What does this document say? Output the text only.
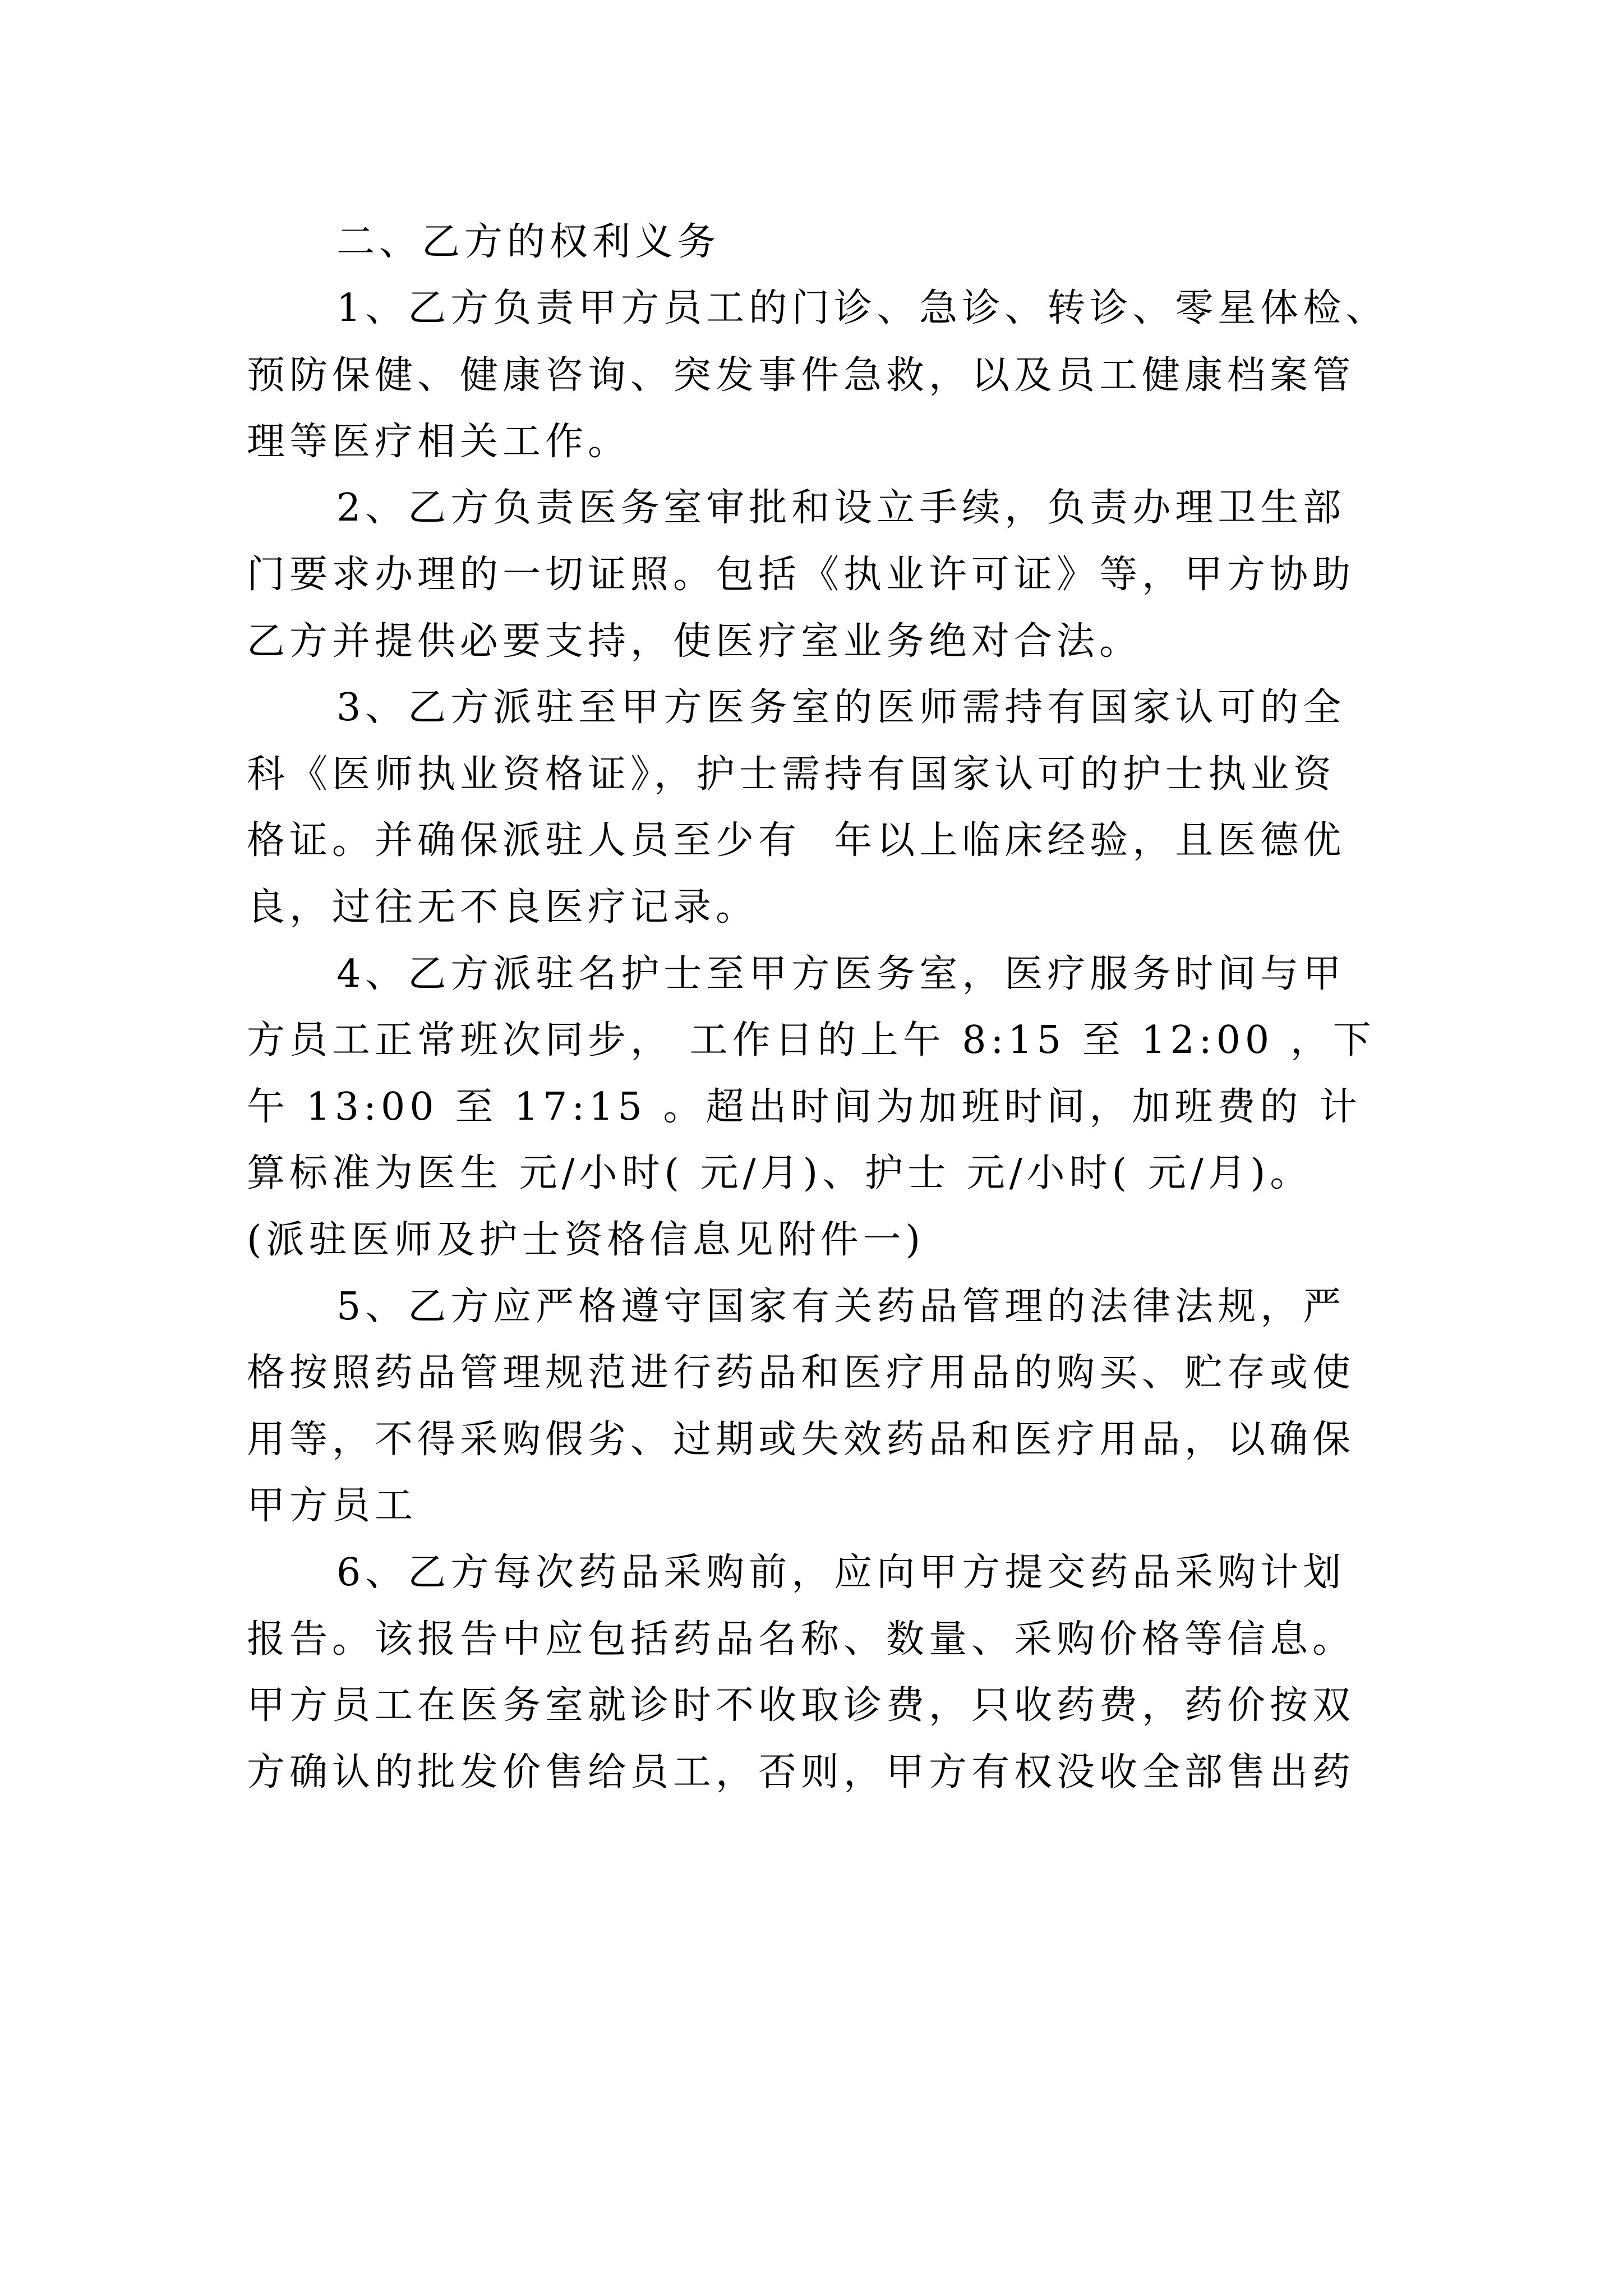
二、乙方的权利义务

1、乙方负责甲方员工的门诊、急诊、转诊、零星体检、

预防保健、健康咨询、突发事件急救，以及员工健康档案管

理等医疗相关工作。

2、乙方负责医务室审批和设立手续，负责办理卫生部

门要求办理的一切证照。包括《执业许可证》等，甲方协助

乙方并提供必要支持，使医疗室业务绝对合法。

3、乙方派驻至甲方医务室的医师需持有国家认可的全

科《医师执业资格证》，护士需持有国家认可的护士执业资

格证。并确保派驻人员至少有  年以上临床经验，且医德优

良，过往无不良医疗记录。

4、乙方派驻名护士至甲方医务室，医疗服务时间与甲

方员工正常班次同步， 工作日的上午 8:15 至 12:00 ，下

午 13:00 至 17:15 。超出时间为加班时间，加班费的 计

算标准为医生 元/小时( 元/月)、护士 元/小时( 元/月)。

(派驻医师及护士资格信息见附件一)

5、乙方应严格遵守国家有关药品管理的法律法规，严

格按照药品管理规范进行药品和医疗用品的购买、贮存或使

用等，不得采购假劣、过期或失效药品和医疗用品，以确保

甲方员工

6、乙方每次药品采购前，应向甲方提交药品采购计划

报告。该报告中应包括药品名称、数量、采购价格等信息。

甲方员工在医务室就诊时不收取诊费，只收药费，药价按双

方确认的批发价售给员工，否则，甲方有权没收全部售出药
